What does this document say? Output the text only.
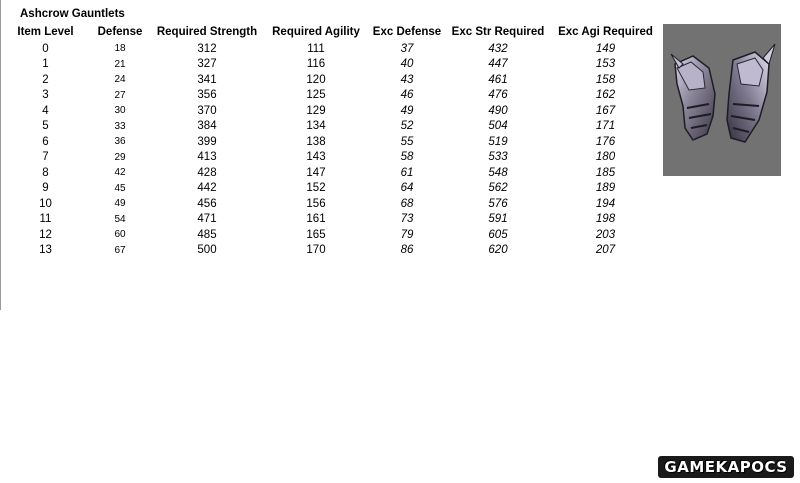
Ashcrow Gauntlets
Item Level	Defense	Required Strength	Required Agility	Exc Defense	Exc Str Required	Exc Agi Required
0	18	312	111	37	432	149
1	21	327	116	40	447	153
2	24	341	120	43	461	158
3	27	356	125	46	476	162
4	30	370	129	49	490	167
5	33	384	134	52	504	171
6	36	399	138	55	519	176
7	29	413	143	58	533	180
8	42	428	147	61	548	185
9	45	442	152	64	562	189
10	49	456	156	68	576	194
11	54	471	161	73	591	198
12	60	485	165	79	605	203
13	67	500	170	86	620	207
GAMEKAPOCS
